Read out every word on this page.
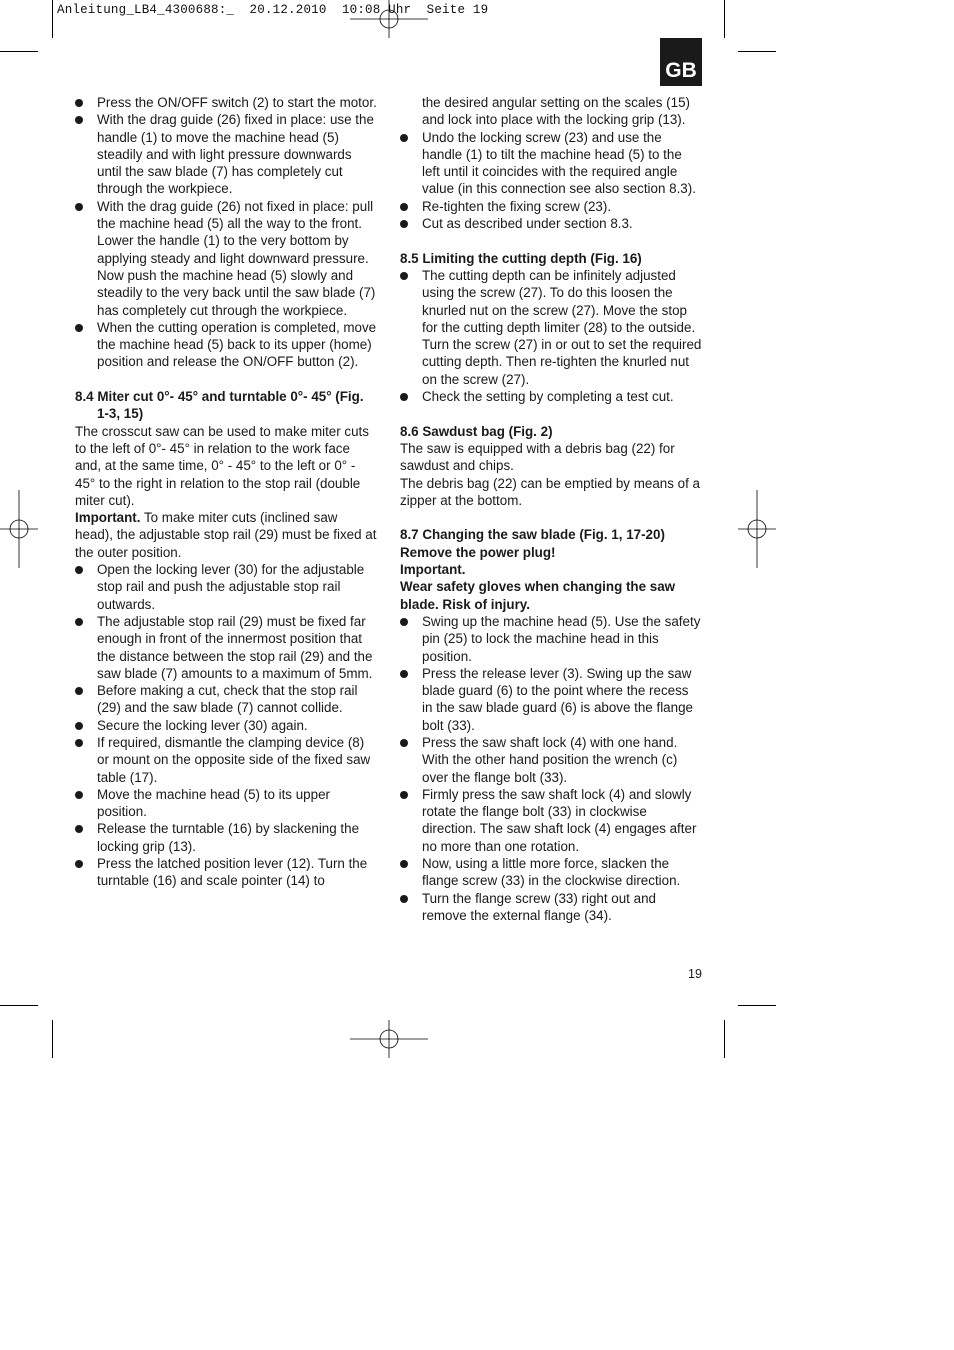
Anleitung_LB4_4300688:_  20.12.2010  10:08 Uhr  Seite 19
GB
Press the ON/OFF switch (2) to start the motor.
With the drag guide (26) fixed in place: use the handle (1) to move the machine head (5) steadily and with light pressure downwards until the saw blade (7) has completely cut through the workpiece.
With the drag guide (26) not fixed in place: pull the machine head (5) all the way to the front. Lower the handle (1) to the very bottom by applying steady and light downward pressure. Now push the machine head (5) slowly and steadily to the very back until the saw blade (7) has completely cut through the workpiece.
When the cutting operation is completed, move the machine head (5) back to its upper (home) position and release the ON/OFF button (2).

8.4 Miter cut 0°- 45° and turntable 0°- 45° (Fig. 1-3, 15)

The crosscut saw can be used to make miter cuts to the left of 0°- 45° in relation to the work face and, at the same time, 0° - 45° to the left or 0° - 45° to the right in relation to the stop rail (double miter cut).

Important. To make miter cuts (inclined saw head), the adjustable stop rail (29) must be fixed at the outer position.

Open the locking lever (30) for the adjustable stop rail and push the adjustable stop rail outwards.
The adjustable stop rail (29) must be fixed far enough in front of the innermost position that the distance between the stop rail (29) and the saw blade (7) amounts to a maximum of 5mm.
Before making a cut, check that the stop rail (29) and the saw blade (7) cannot collide.
Secure the locking lever (30) again.
If required, dismantle the clamping device (8) or mount on the opposite side of the fixed saw table (17).
Move the machine head (5) to its upper position.
Release the turntable (16) by slackening the locking grip (13).
Press the latched position lever (12). Turn the turntable (16) and scale pointer (14) to

the desired angular setting on the scales (15) and lock into place with the locking grip (13).

Undo the locking screw (23) and use the handle (1) to tilt the machine head (5) to the left until it coincides with the required angle value (in this connection see also section 8.3).
Re-tighten the fixing screw (23).
Cut as described under section 8.3.

8.5 Limiting the cutting depth (Fig. 16)

The cutting depth can be infinitely adjusted using the screw (27). To do this loosen the knurled nut on the screw (27). Move the stop for the cutting depth limiter (28) to the outside. Turn the screw (27) in or out to set the required cutting depth. Then re-tighten the knurled nut on the screw (27).
Check the setting by completing a test cut.

8.6 Sawdust bag (Fig. 2)

The saw is equipped with a debris bag (22) for sawdust and chips.

The debris bag (22) can be emptied by means of a zipper at the bottom.

8.7 Changing the saw blade (Fig. 1, 17-20)

Remove the power plug!

Important.

Wear safety gloves when changing the saw blade. Risk of injury.

Swing up the machine head (5). Use the safety pin (25) to lock the machine head in this position.
Press the release lever (3). Swing up the saw blade guard (6) to the point where the recess in the saw blade guard (6) is above the flange bolt (33).
Press the saw shaft lock (4) with one hand. With the other hand position the wrench (c) over the flange bolt (33).
Firmly press the saw shaft lock (4) and slowly rotate the flange bolt (33) in clockwise direction. The saw shaft lock (4) engages after no more than one rotation.
Now, using a little more force, slacken the flange screw (33) in the clockwise direction.
Turn the flange screw (33) right out and remove the external flange (34).
19
